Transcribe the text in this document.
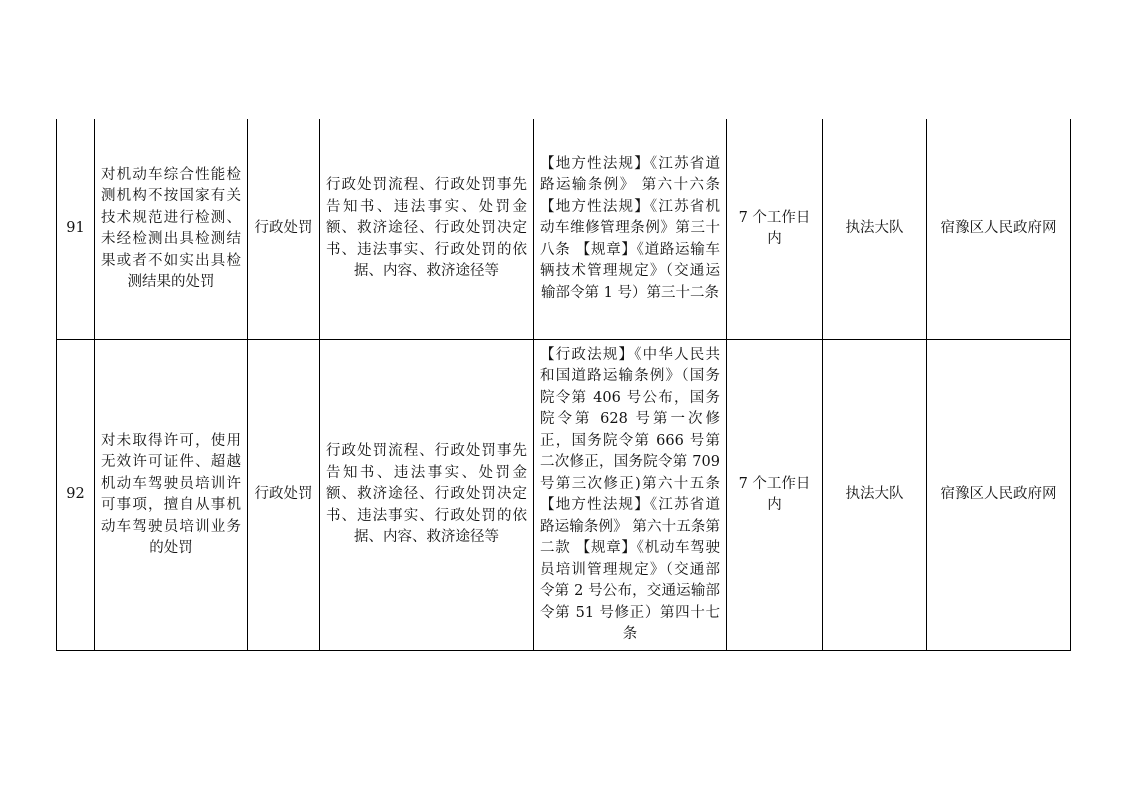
91	对机动车综合性能检测机构不按国家有关技术规范进行检测、未经检测出具检测结果或者不如实出具检测结果的处罚	行政处罚	行政处罚流程、行政处罚事先告知书、违法事实、处罚金额、救济途径、行政处罚决定书、违法事实、行政处罚的依据、内容、救济途径等	【地方性法规】《江苏省道路运输条例》 第六十六条【地方性法规】《江苏省机动车维修管理条例》第三十八条 【规章】《道路运输车辆技术管理规定》（交通运输部令第 1 号）第三十二条	7 个工作日内	执法大队	宿豫区人民政府网
92	对未取得许可，使用无效许可证件、超越机动车驾驶员培训许可事项，擅自从事机动车驾驶员培训业务的处罚	行政处罚	行政处罚流程、行政处罚事先告知书、违法事实、处罚金额、救济途径、行政处罚决定书、违法事实、行政处罚的依据、内容、救济途径等	【行政法规】《中华人民共和国道路运输条例》（国务院令第 406 号公布，国务院令第 628 号第一次修正，国务院令第 666 号第二次修正，国务院令第 709 号第三次修正)第六十五条 【地方性法规】《江苏省道路运输条例》 第六十五条第二款 【规章】《机动车驾驶员培训管理规定》（交通部令第 2 号公布，交通运输部令第 51 号修正）第四十七条	7 个工作日内	执法大队	宿豫区人民政府网
